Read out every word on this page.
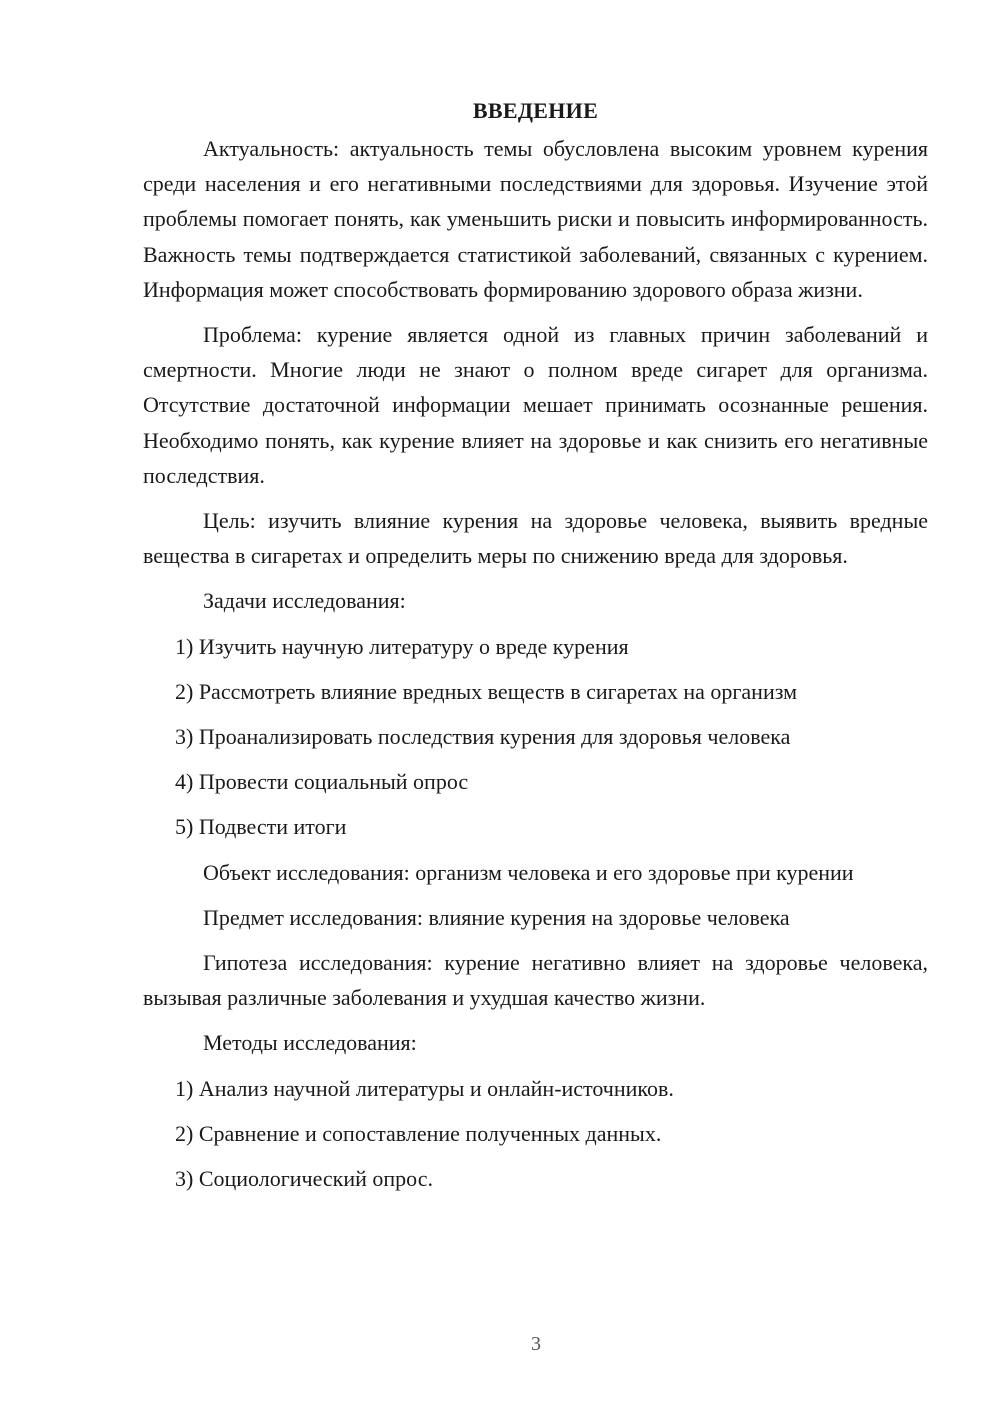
ВВЕДЕНИЕ

Актуальность: актуальность темы обусловлена высоким уровнем курения среди населения и его негативными последствиями для здоровья. Изучение этой проблемы помогает понять, как уменьшить риски и повысить информированность. Важность темы подтверждается статистикой заболеваний, связанных с курением. Информация может способствовать формированию здорового образа жизни.

Проблема: курение является одной из главных причин заболеваний и смертности. Многие люди не знают о полном вреде сигарет для организма. Отсутствие достаточной информации мешает принимать осознанные решения. Необходимо понять, как курение влияет на здоровье и как снизить его негативные последствия.

Цель: изучить влияние курения на здоровье человека, выявить вредные вещества в сигаретах и определить меры по снижению вреда для здоровья.

Задачи исследования:

1) Изучить научную литературу о вреде курения

2) Рассмотреть влияние вредных веществ в сигаретах на организм

3) Проанализировать последствия курения для здоровья человека

4) Провести социальный опрос

5) Подвести итоги

Объект исследования: организм человека и его здоровье при курении

Предмет исследования: влияние курения на здоровье человека

Гипотеза исследования: курение негативно влияет на здоровье человека, вызывая различные заболевания и ухудшая качество жизни.

Методы исследования:

1) Анализ научной литературы и онлайн-источников.

2) Сравнение и сопоставление полученных данных.

3) Социологический опрос.

3
